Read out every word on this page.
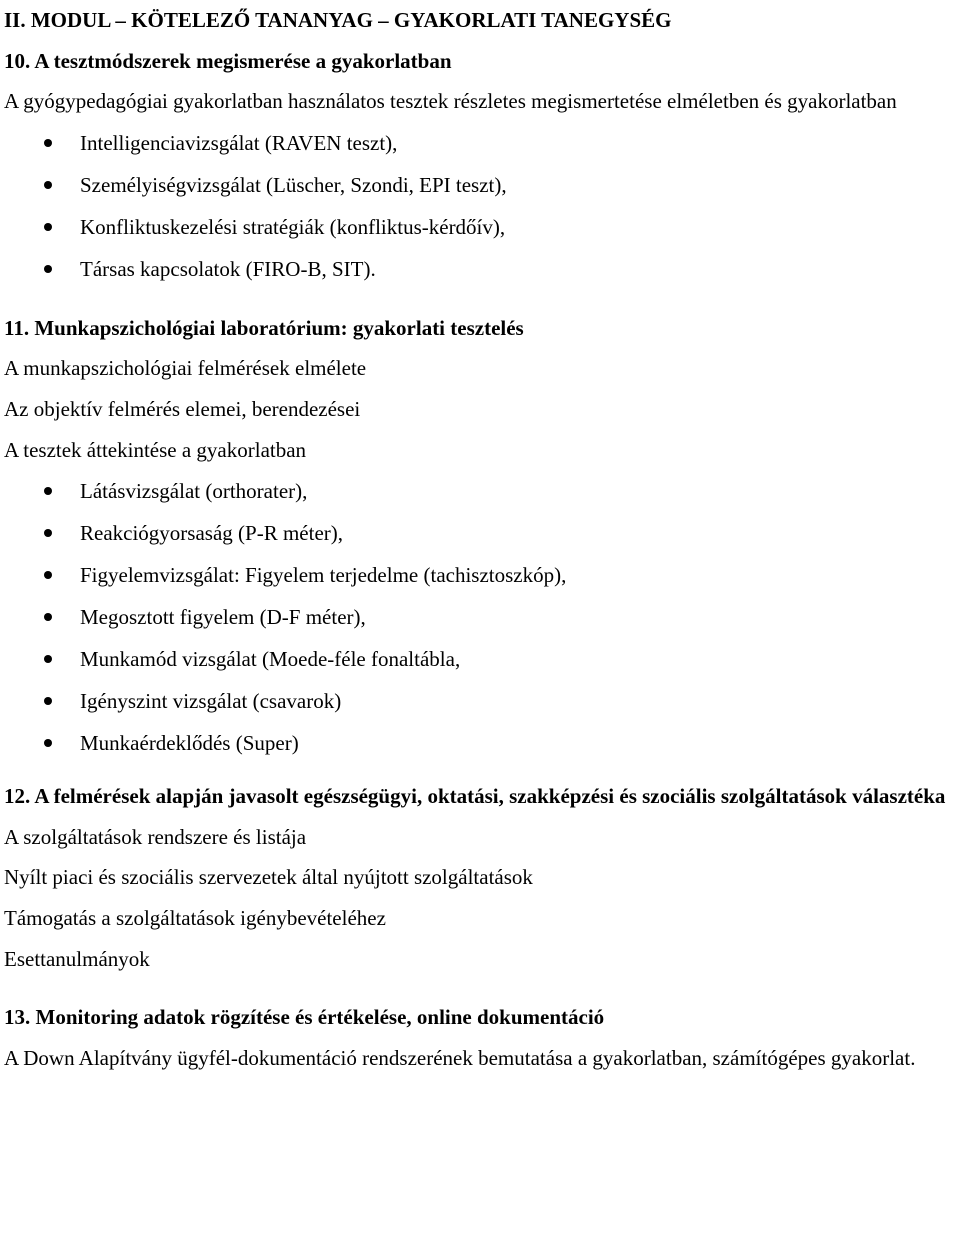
II. MODUL – KÖTELEZŐ TANANYAG – GYAKORLATI TANEGYSÉG
10. A tesztmódszerek megismerése a gyakorlatban
A gyógypedagógiai gyakorlatban használatos tesztek részletes megismertetése elméletben és gyakorlatban
Intelligenciavizsgálat (RAVEN teszt),
Személyiségvizsgálat (Lüscher, Szondi, EPI teszt),
Konfliktuskezelési stratégiák (konfliktus-kérdőív),
Társas kapcsolatok (FIRO-B, SIT).
11. Munkapszichológiai laboratórium: gyakorlati tesztelés
A munkapszichológiai felmérések elmélete
Az objektív felmérés elemei, berendezései
A tesztek áttekintése a gyakorlatban
Látásvizsgálat (orthorater),
Reakciógyorsaság (P-R méter),
Figyelemvizsgálat: Figyelem terjedelme (tachisztoszkóp),
Megosztott figyelem (D-F méter),
Munkamód vizsgálat (Moede-féle fonaltábla,
Igényszint vizsgálat (csavarok)
Munkaérdeklődés (Super)
12. A felmérések alapján javasolt egészségügyi, oktatási, szakképzési és szociális szolgáltatások választéka
A szolgáltatások rendszere és listája
Nyílt piaci és szociális szervezetek által nyújtott szolgáltatások
Támogatás a szolgáltatások igénybevételéhez
Esettanulmányok
13. Monitoring adatok rögzítése és értékelése, online dokumentáció
A Down Alapítvány ügyfél-dokumentáció rendszerének bemutatása a gyakorlatban, számítógépes gyakorlat.
